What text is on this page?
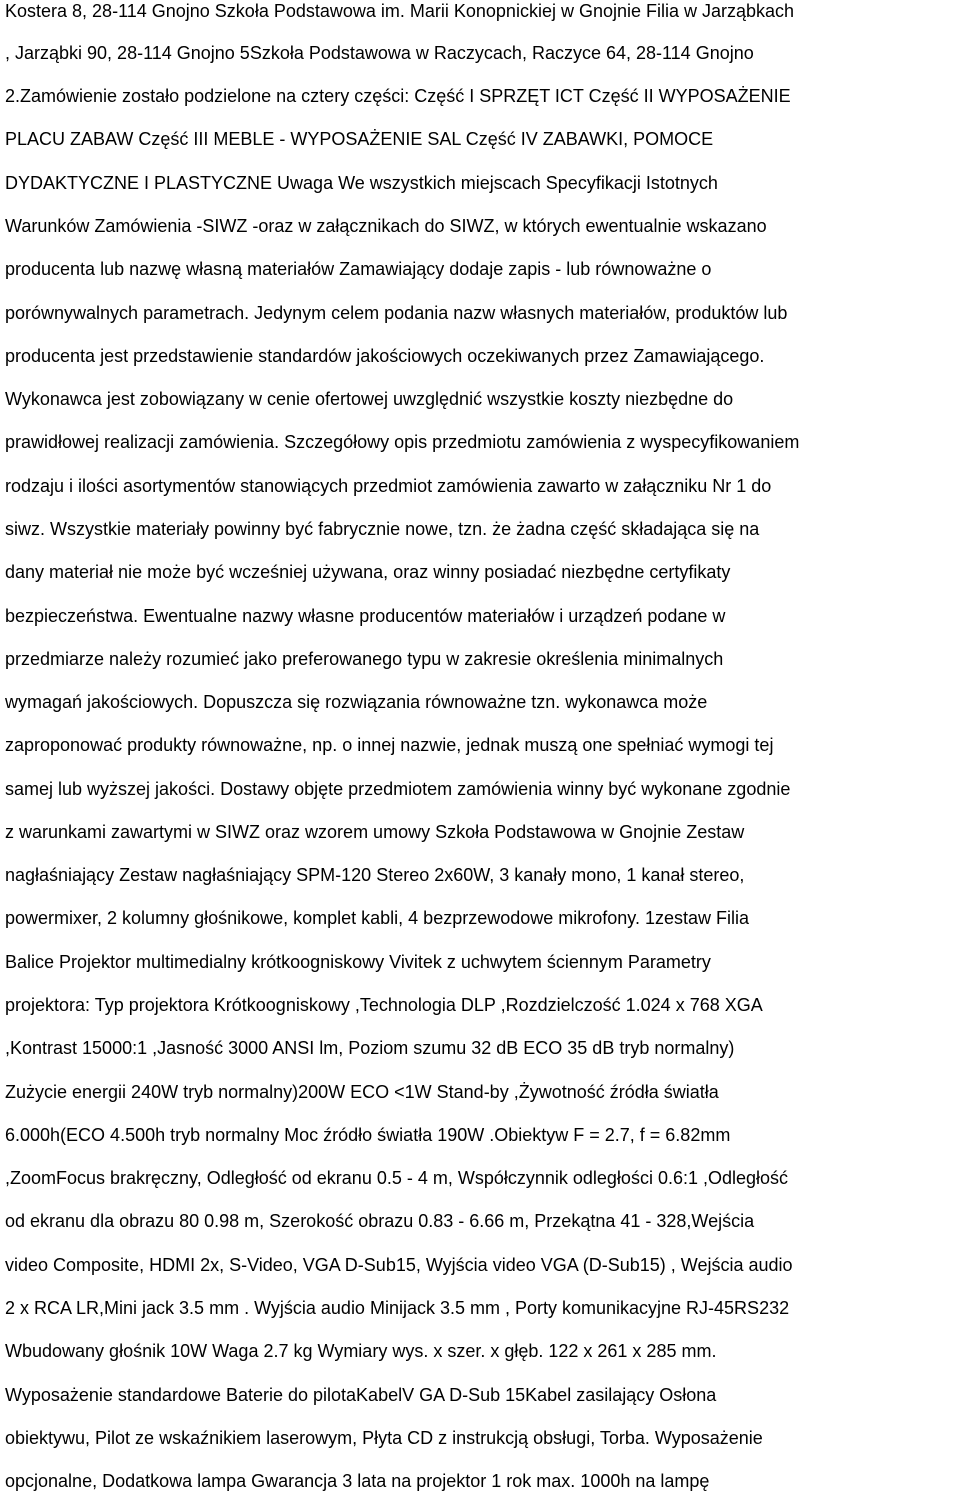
Kostera 8, 28-114 Gnojno Szkoła Podstawowa im. Marii Konopnickiej w Gnojnie Filia w Jarząbkach
, Jarząbki 90, 28-114 Gnojno 5Szkoła Podstawowa w Raczycach, Raczyce 64, 28-114 Gnojno
2.Zamówienie zostało podzielone na cztery części: Część I SPRZĘT ICT Część II WYPOSAŻENIE
PLACU ZABAW Część III MEBLE - WYPOSAŻENIE SAL Część IV ZABAWKI, POMOCE
DYDAKTYCZNE I PLASTYCZNE Uwaga We wszystkich miejscach Specyfikacji Istotnych
Warunków Zamówienia -SIWZ -oraz w załącznikach do SIWZ, w których ewentualnie wskazano
producenta lub nazwę własną materiałów Zamawiający dodaje zapis - lub równoważne o
porównywalnych parametrach. Jedynym celem podania nazw własnych materiałów, produktów lub
producenta jest przedstawienie standardów jakościowych oczekiwanych przez Zamawiającego.
Wykonawca jest zobowiązany w cenie ofertowej uwzględnić wszystkie koszty niezbędne do
prawidłowej realizacji zamówienia. Szczegółowy opis przedmiotu zamówienia z wyspecyfikowaniem
rodzaju i ilości asortymentów stanowiących przedmiot zamówienia zawarto w załączniku Nr 1 do
siwz. Wszystkie materiały powinny być fabrycznie nowe, tzn. że żadna część składająca się na
dany materiał nie może być wcześniej używana, oraz winny posiadać niezbędne certyfikaty
bezpieczeństwa. Ewentualne nazwy własne producentów materiałów i urządzeń podane w
przedmiarze należy rozumieć jako preferowanego typu w zakresie określenia minimalnych
wymagań jakościowych. Dopuszcza się rozwiązania równoważne tzn. wykonawca może
zaproponować produkty równoważne, np. o innej nazwie, jednak muszą one spełniać wymogi tej
samej lub wyższej jakości. Dostawy objęte przedmiotem zamówienia winny być wykonane zgodnie
z warunkami zawartymi w SIWZ oraz wzorem umowy Szkoła Podstawowa w Gnojnie Zestaw
nagłaśniający Zestaw nagłaśniający SPM-120 Stereo 2x60W, 3 kanały mono, 1 kanał stereo,
powermixer, 2 kolumny głośnikowe, komplet kabli, 4 bezprzewodowe mikrofony. 1zestaw Filia
Balice Projektor multimedialny krótkoogniskowy Vivitek z uchwytem ściennym Parametry
projektora: Typ projektora Krótkoogniskowy ,Technologia DLP ,Rozdzielczość 1.024 x 768 XGA
,Kontrast 15000:1 ,Jasność 3000 ANSI lm, Poziom szumu 32 dB ECO 35 dB tryb normalny)
Zużycie energii 240W tryb normalny)200W ECO <1W Stand-by ,Żywotność źródła światła
6.000h(ECO 4.500h tryb normalny Moc źródło światła 190W .Obiektyw F = 2.7, f = 6.82mm
,ZoomFocus brakręczny, Odległość od ekranu 0.5 - 4 m, Współczynnik odległości 0.6:1 ,Odległość
od ekranu dla obrazu 80 0.98 m, Szerokość obrazu 0.83 - 6.66 m, Przekątna 41 - 328,Wejścia
video Composite, HDMI 2x, S-Video, VGA D-Sub15, Wyjścia video VGA (D-Sub15) , Wejścia audio
2 x RCA LR,Mini jack 3.5 mm . Wyjścia audio Minijack 3.5 mm , Porty komunikacyjne RJ-45RS232
Wbudowany głośnik 10W Waga 2.7 kg Wymiary wys. x szer. x głęb. 122 x 261 x 285 mm.
Wyposażenie standardowe Baterie do pilotaKabelV GA D-Sub 15Kabel zasilający Osłona
obiektywu, Pilot ze wskaźnikiem laserowym, Płyta CD z instrukcją obsługi, Torba. Wyposażenie
opcjonalne, Dodatkowa lampa Gwarancja 3 lata na projektor 1 rok max. 1000h na lampę
